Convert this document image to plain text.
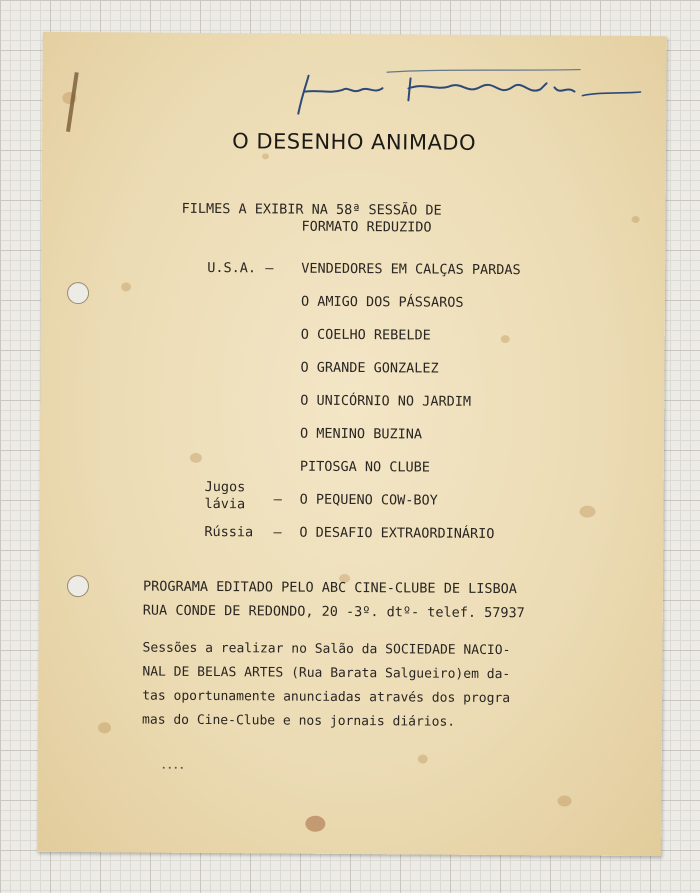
O DESENHO ANIMADO
FILMES A EXIBIR NA 58ª SESSÃO DE
FORMATO REDUZIDO
U.S.A. — VENDEDORES EM CALÇAS PARDAS
O AMIGO DOS PÁSSAROS
O COELHO REBELDE
O GRANDE GONZALEZ
O UNICÓRNIO NO JARDIM
O MENINO BUZINA
PITOSGA NO CLUBE
Jugos
lávia — O PEQUENO COW-BOY
Rússia — O DESAFIO EXTRAORDINÁRIO
PROGRAMA EDITADO PELO ABC CINE-CLUBE DE LISBOA
RUA CONDE DE REDONDO, 20 -3º. dtº- telef. 57937
Sessões a realizar no Salão da SOCIEDADE NACIO-
NAL DE BELAS ARTES (Rua Barata Salgueiro)em da-
tas oportunamente anunciadas através dos progra
mas do Cine-Clube e nos jornais diários.
